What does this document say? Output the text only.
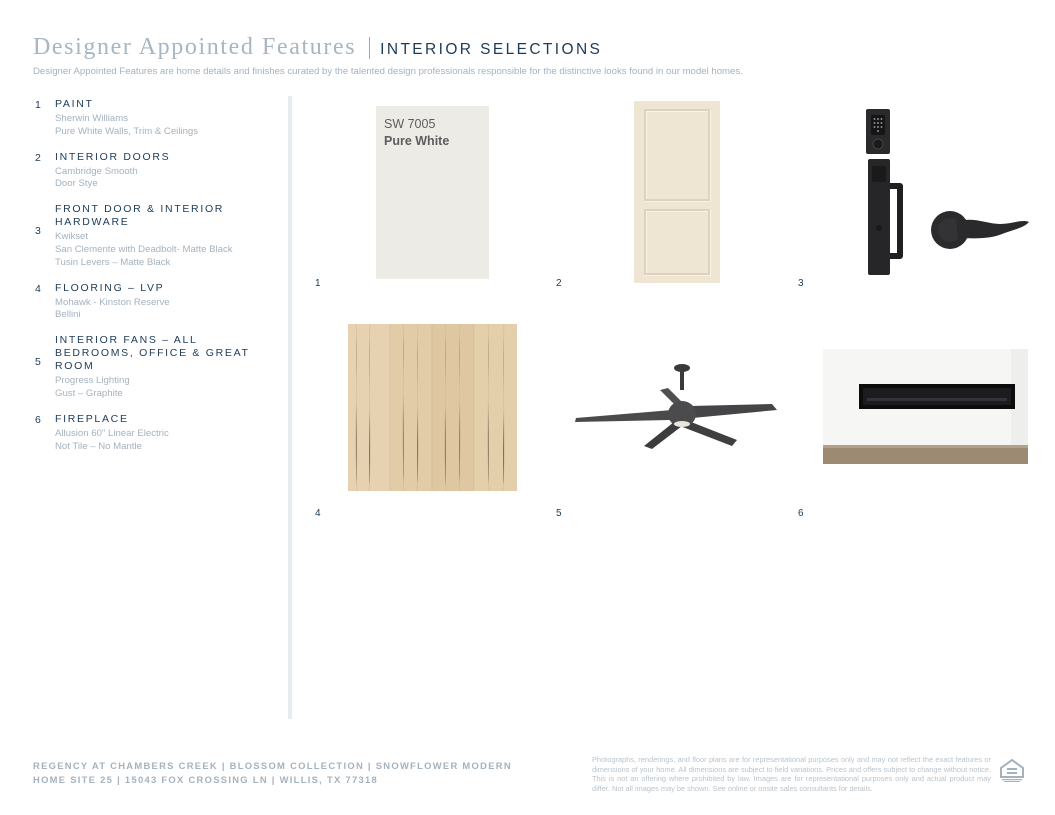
Designer Appointed Features INTERIOR SELECTIONS
Designer Appointed Features are home details and finishes curated by the talented design professionals responsible for the distinctive looks found in our model homes.
1	PAINT
Sherwin Williams
Pure White Walls, Trim & Ceilings
2	INTERIOR DOORS
Cambridge Smooth
Door Stye
3
FRONT DOOR & INTERIOR HARDWARE
Kwikset
San Clemente with Deadbolt- Matte Black
Tusin Levers – Matte Black
4	FLOORING – LVP
Mohawk - Kinston Reserve
Bellini
5
INTERIOR FANS – ALL BEDROOMS, OFFICE & GREAT ROOM
Progress Lighting
Gust – Graphite
6	FIREPLACE
Allusion 60" Linear Electric
Not Tile – No Mantle
SW 7005
Pure White
1	2	3
4	5	6
REGENCY AT CHAMBERS CREEK | BLOSSOM COLLECTION | SNOWFLOWER MODERN
HOME SITE 25 | 15043 FOX CROSSING LN | WILLIS, TX 77318
Photographs, renderings, and floor plans are for representational purposes only and may not reflect the exact features or dimensions of your home. All dimensions are subject to field variations. Prices and offers subject to change without notice. This is not an offering where prohibited by law. Images are for representational purposes only and actual product may differ. Not all images may be shown. See online or onsite sales consultants for details.
